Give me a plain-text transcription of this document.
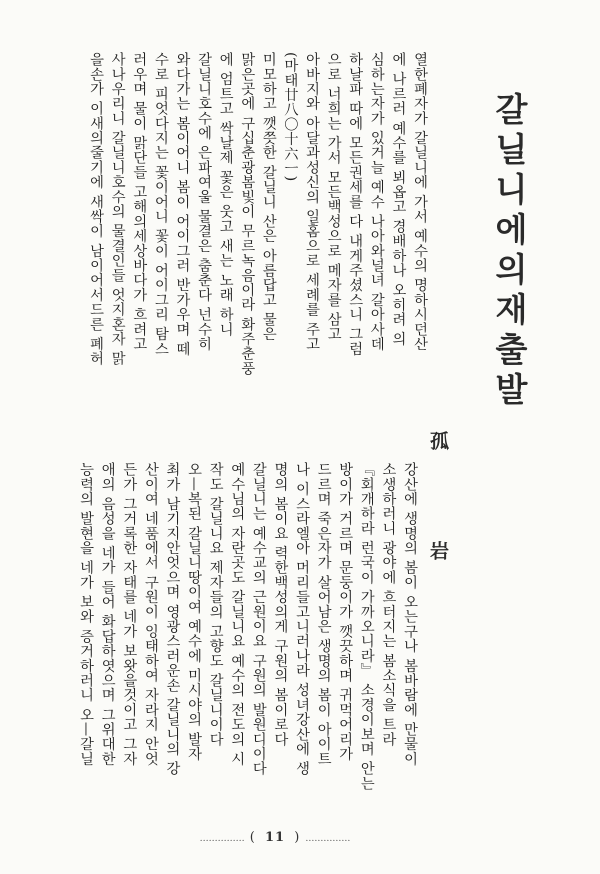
갈닐니에의재출발
孤 岩
열한폐자가 갈닐니에 가서 예수의 명하시던산
에 나르러 예수를 뵈옵고 경배하나 오히려 의
심하는자가 있거늘 예수 나아와널녀 갈아사데
하날파 따에 모든권세를 다 내게주셨스니 그럼
으로 너희는 가서 모든백성으로 메자를 삼고
아바지와 아달과성신의 일홈으로 세례를 주고
(마태廿八〇十六ㅡ)
미모하고 깻쯧한 갈닐니 산은 아름답고 물은
맑은곳에 구십춘광봄빛이 무르녹음이라 화주춘풍
에 엄트고 싹날제 꽃은 웃고 새는 노래 하니
갈닐니호수에 은파여울 물결은 춤춘다 넌수히
와다가는 봄이어니 봄이 어이그러 반가우며 떼
수로 피엇다지는 꽃이어니 꽃이 어이그리 탐스
러우며 물이 맑단들 고해의세상바다가 흐려고
사나우리니 갈닐니호수의 물결인들 엇지혼자 맑
을손가 이새의줄기에 새싹이 남이어서드른 폐허
강산에 생명의 봄이 오는구나 봄바람에 만물이
소생하러니 광야에 흐터지는 봄소식을 트라
『회개하라 런국이 가까오니라』 소경이보며 안는
방이가 거르며 문둥이가 깻끗하며 귀먹어리가
드르며 죽은자가 살어남은 생명의 봄이 아이트
나 이스라엘아 머리들고니러나라 성녀강산에 생
명의 봄이요 력한백성의게 구원의 봄이로다
갈닐니는 예수교의 근원이요 구원의 발원디이다
예수님의 자란곳도 갈닐니요 예수의 전도의 시
작도 갈닐니요 제자들의 고향도 갈닐니이다
오—복된 갈닐니땅이여 예수에 미시야의 발자
최가 남기지안엇으며 영광스러운손 갈닐니의 강
산이여 네품에서 구원이 잉태하여 자라지 안엇
든가 그거록한 자태를 네가 보왓을것이고 그자
애의 음성을 네가 들어 화답하엿으며 그위대한
능력의 발현을 네가 보와 증거하러니 오—갈닐
…………… ( 11 ) ……………
